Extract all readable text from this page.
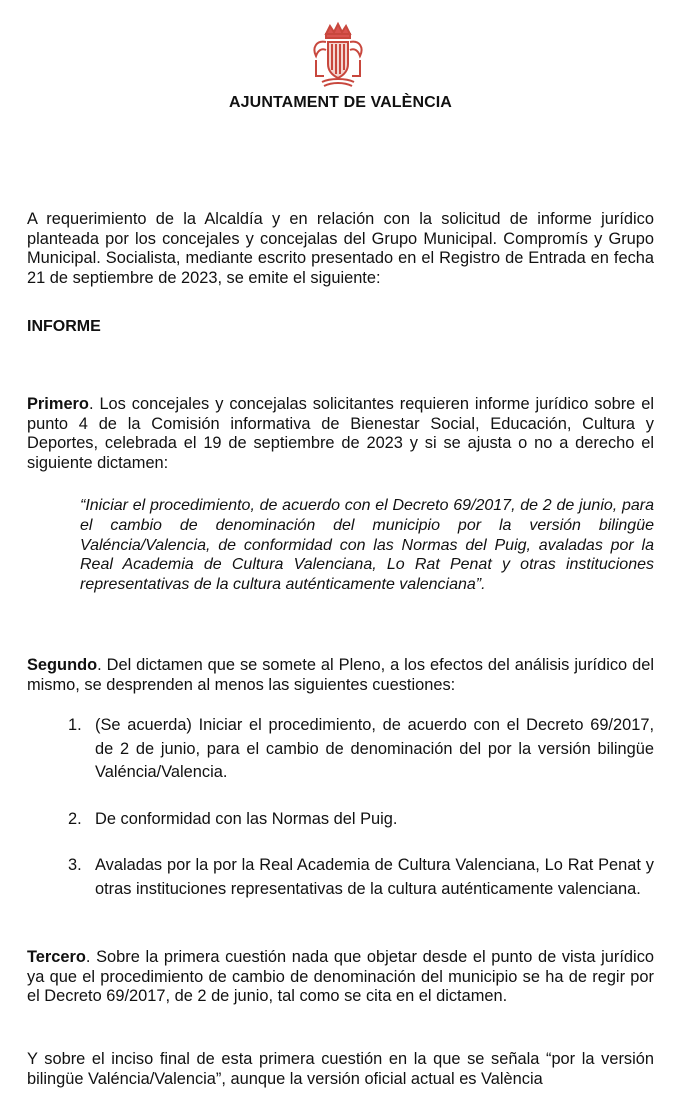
AJUNTAMENT DE VALÈNCIA

A requerimiento de la Alcaldía y en relación con la solicitud de informe jurídico planteada por los concejales y concejalas del Grupo Municipal. Compromís y Grupo Municipal. Socialista, mediante escrito presentado en el Registro de Entrada en fecha 21 de septiembre de 2023, se emite el siguiente:

INFORME

Primero. Los concejales y concejalas solicitantes requieren informe jurídico sobre el punto 4 de la Comisión informativa de Bienestar Social, Educación, Cultura y Deportes, celebrada el 19 de septiembre de 2023 y si se ajusta o no a derecho el siguiente dictamen:

“Iniciar el procedimiento, de acuerdo con el Decreto 69/2017, de 2 de junio, para el cambio de denominación del municipio por la versión bilingüe Valéncia/Valencia, de conformidad con las Normas del Puig, avaladas por la Real Academia de Cultura Valenciana, Lo Rat Penat y otras instituciones representativas de la cultura auténticamente valenciana”.

Segundo. Del dictamen que se somete al Pleno, a los efectos del análisis jurídico del mismo, se desprenden al menos las siguientes cuestiones:

1. (Se acuerda) Iniciar el procedimiento, de acuerdo con el Decreto 69/2017, de 2 de junio, para el cambio de denominación del por la versión bilingüe Valéncia/Valencia.
2. De conformidad con las Normas del Puig.
3. Avaladas por la por la Real Academia de Cultura Valenciana, Lo Rat Penat y otras instituciones representativas de la cultura auténticamente valenciana.

Tercero. Sobre la primera cuestión nada que objetar desde el punto de vista jurídico ya que el procedimiento de cambio de denominación del municipio se ha de regir por el Decreto 69/2017, de 2 de junio, tal como se cita en el dictamen.

Y sobre el inciso final de esta primera cuestión en la que se señala “por la versión bilingüe Valéncia/Valencia”, aunque la versión oficial actual es València
